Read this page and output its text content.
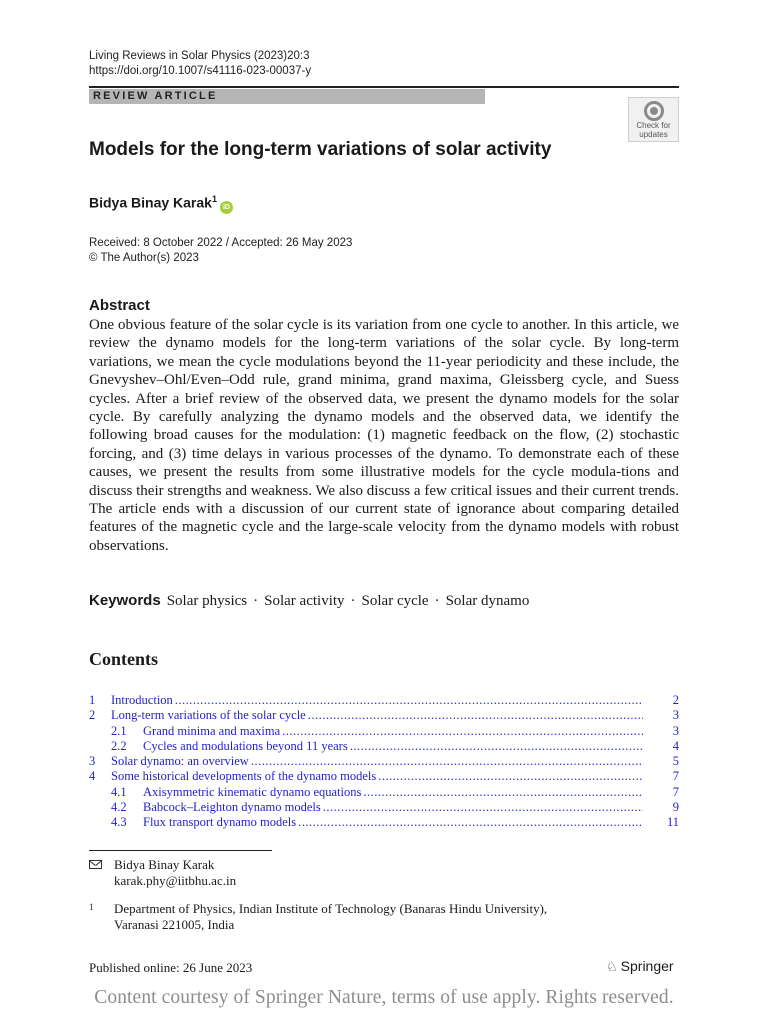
Living Reviews in Solar Physics (2023)20:3
https://doi.org/10.1007/s41116-023-00037-y
REVIEW ARTICLE
Check for
updates
Models for the long-term variations of solar activity
Bidya Binay Karak$^1$iD
Received: 8 October 2022 / Accepted: 26 May 2023
© The Author(s) 2023
Abstract
One obvious feature of the solar cycle is its variation from one cycle to another. In this article, we review the dynamo models for the long-term variations of the solar cycle. By long-term variations, we mean the cycle modulations beyond the 11-year periodicity and these include, the Gnevyshev–Ohl/Even–Odd rule, grand minima, grand maxima, Gleissberg cycle, and Suess cycles. After a brief review of the observed data, we present the dynamo models for the solar cycle. By carefully analyzing the dynamo models and the observed data, we identify the following broad causes for the modulation: (1) magnetic feedback on the flow, (2) stochastic forcing, and (3) time delays in various processes of the dynamo. To demonstrate each of these causes, we present the results from some illustrative models for the cycle modula-tions and discuss their strengths and weakness. We also discuss a few critical issues and their current trends. The article ends with a discussion of our current state of ignorance about comparing detailed features of the magnetic cycle and the large-scale velocity from the dynamo models with robust observations.
Keywords Solar physics · Solar activity · Solar cycle · Solar dynamo
Contents
1	Introduction .....	2
2	Long-term variations of the solar cycle .....	3
2.1	Grand minima and maxima .....	3
2.2	Cycles and modulations beyond 11 years .....	4
3	Solar dynamo: an overview .....	5
4	Some historical developments of the dynamo models .....	7
4.1	Axisymmetric kinematic dynamo equations .....	7
4.2	Babcock–Leighton dynamo models .....	9
4.3	Flux transport dynamo models .....	11
Bidya Binay Karak
karak.phy@iitbhu.ac.in
1 Department of Physics, Indian Institute of Technology (Banaras Hindu University),
Varanasi 221005, India
Published online: 26 June 2023	♘ Springer
Content courtesy of Springer Nature, terms of use apply. Rights reserved.
